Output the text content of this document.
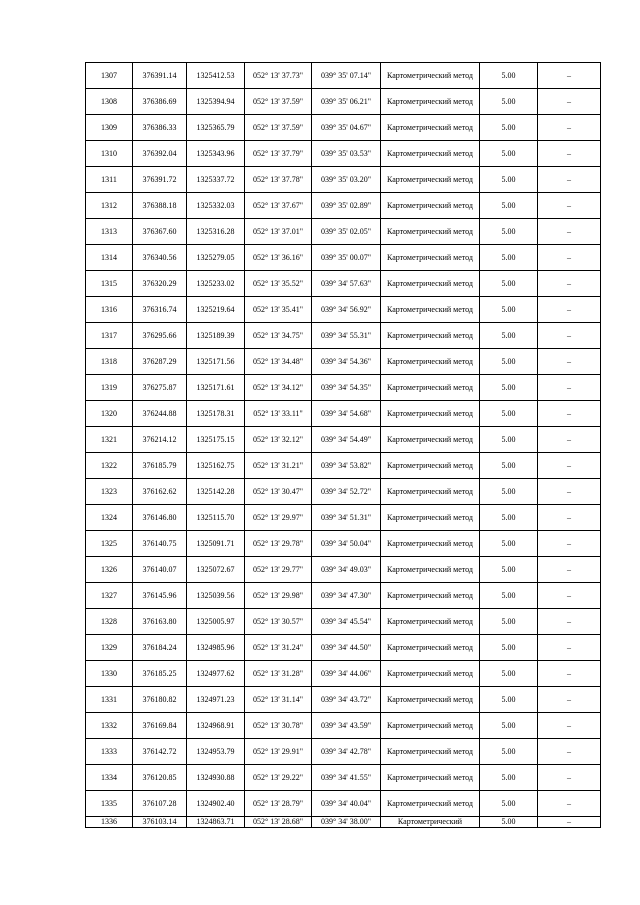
1307	376391.14	1325412.53	052° 13' 37.73"	039° 35' 07.14"	Картометрический метод	5.00	–
1308	376386.69	1325394.94	052° 13' 37.59"	039° 35' 06.21"	Картометрический метод	5.00	–
1309	376386.33	1325365.79	052° 13' 37.59"	039° 35' 04.67"	Картометрический метод	5.00	–
1310	376392.04	1325343.96	052° 13' 37.79"	039° 35' 03.53"	Картометрический метод	5.00	–
1311	376391.72	1325337.72	052° 13' 37.78"	039° 35' 03.20"	Картометрический метод	5.00	–
1312	376388.18	1325332.03	052° 13' 37.67"	039° 35' 02.89"	Картометрический метод	5.00	–
1313	376367.60	1325316.28	052° 13' 37.01"	039° 35' 02.05"	Картометрический метод	5.00	–
1314	376340.56	1325279.05	052° 13' 36.16"	039° 35' 00.07"	Картометрический метод	5.00	–
1315	376320.29	1325233.02	052° 13' 35.52"	039° 34' 57.63"	Картометрический метод	5.00	–
1316	376316.74	1325219.64	052° 13' 35.41"	039° 34' 56.92"	Картометрический метод	5.00	–
1317	376295.66	1325189.39	052° 13' 34.75"	039° 34' 55.31"	Картометрический метод	5.00	–
1318	376287.29	1325171.56	052° 13' 34.48"	039° 34' 54.36"	Картометрический метод	5.00	–
1319	376275.87	1325171.61	052° 13' 34.12"	039° 34' 54.35"	Картометрический метод	5.00	–
1320	376244.88	1325178.31	052° 13' 33.11"	039° 34' 54.68"	Картометрический метод	5.00	–
1321	376214.12	1325175.15	052° 13' 32.12"	039° 34' 54.49"	Картометрический метод	5.00	–
1322	376185.79	1325162.75	052° 13' 31.21"	039° 34' 53.82"	Картометрический метод	5.00	–
1323	376162.62	1325142.28	052° 13' 30.47"	039° 34' 52.72"	Картометрический метод	5.00	–
1324	376146.80	1325115.70	052° 13' 29.97"	039° 34' 51.31"	Картометрический метод	5.00	–
1325	376140.75	1325091.71	052° 13' 29.78"	039° 34' 50.04"	Картометрический метод	5.00	–
1326	376140.07	1325072.67	052° 13' 29.77"	039° 34' 49.03"	Картометрический метод	5.00	–
1327	376145.96	1325039.56	052° 13' 29.98"	039° 34' 47.30"	Картометрический метод	5.00	–
1328	376163.80	1325005.97	052° 13' 30.57"	039° 34' 45.54"	Картометрический метод	5.00	–
1329	376184.24	1324985.96	052° 13' 31.24"	039° 34' 44.50"	Картометрический метод	5.00	–
1330	376185.25	1324977.62	052° 13' 31.28"	039° 34' 44.06"	Картометрический метод	5.00	–
1331	376180.82	1324971.23	052° 13' 31.14"	039° 34' 43.72"	Картометрический метод	5.00	–
1332	376169.84	1324968.91	052° 13' 30.78"	039° 34' 43.59"	Картометрический метод	5.00	–
1333	376142.72	1324953.79	052° 13' 29.91"	039° 34' 42.78"	Картометрический метод	5.00	–
1334	376120.85	1324930.88	052° 13' 29.22"	039° 34' 41.55"	Картометрический метод	5.00	–
1335	376107.28	1324902.40	052° 13' 28.79"	039° 34' 40.04"	Картометрический метод	5.00	–
1336	376103.14	1324863.71	052° 13' 28.68"	039° 34' 38.00"	Картометрический	5.00	–
